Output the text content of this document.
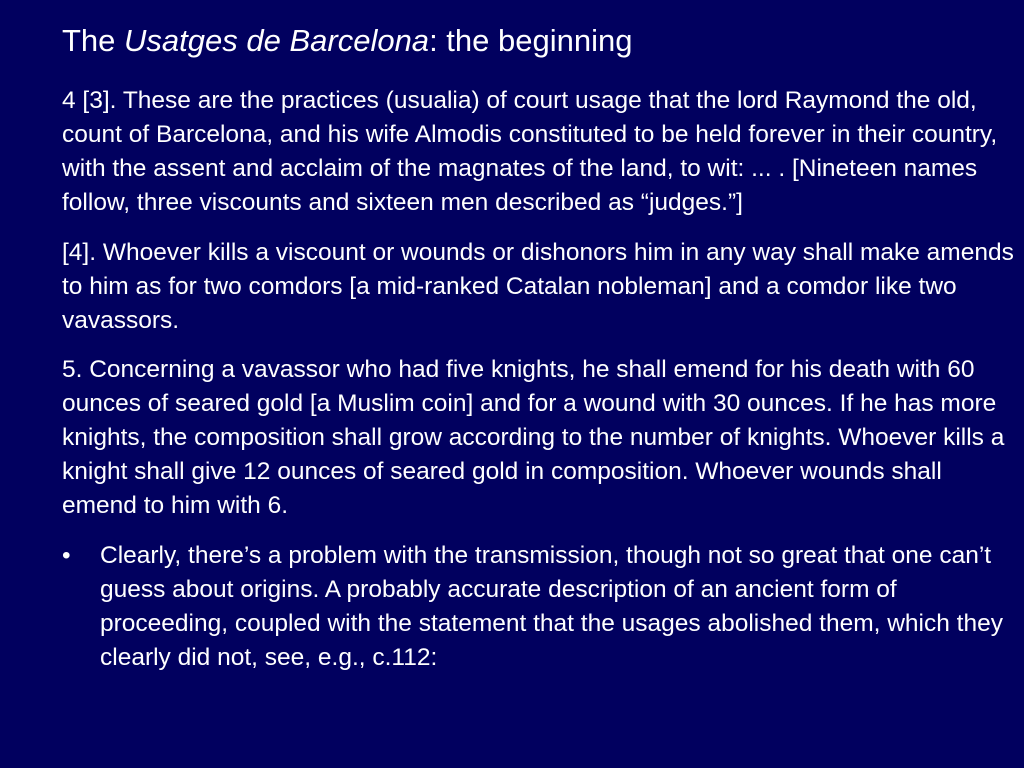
The Usatges de Barcelona: the beginning

4 [3]. These are the practices (usualia) of court usage that the lord Raymond the old, count of Barcelona, and his wife Almodis constituted to be held forever in their country, with the assent and acclaim of the magnates of the land, to wit: ... . [Nineteen names follow, three viscounts and sixteen men described as “judges.”]

[4]. Whoever kills a viscount or wounds or dishonors him in any way shall make amends to him as for two comdors [a mid-ranked Catalan nobleman] and a comdor like two vavassors.

5. Concerning a vavassor who had five knights, he shall emend for his death with 60 ounces of seared gold [a Muslim coin] and for a wound with 30 ounces. If he has more knights, the composition shall grow according to the number of knights. Whoever kills a knight shall give 12 ounces of seared gold in composition. Whoever wounds shall emend to him with 6.

•	Clearly, there’s a problem with the transmission, though not so great that one can’t guess about origins. A probably accurate description of an ancient form of proceeding, coupled with the statement that the usages abolished them, which they clearly did not, see, e.g., c.112:
